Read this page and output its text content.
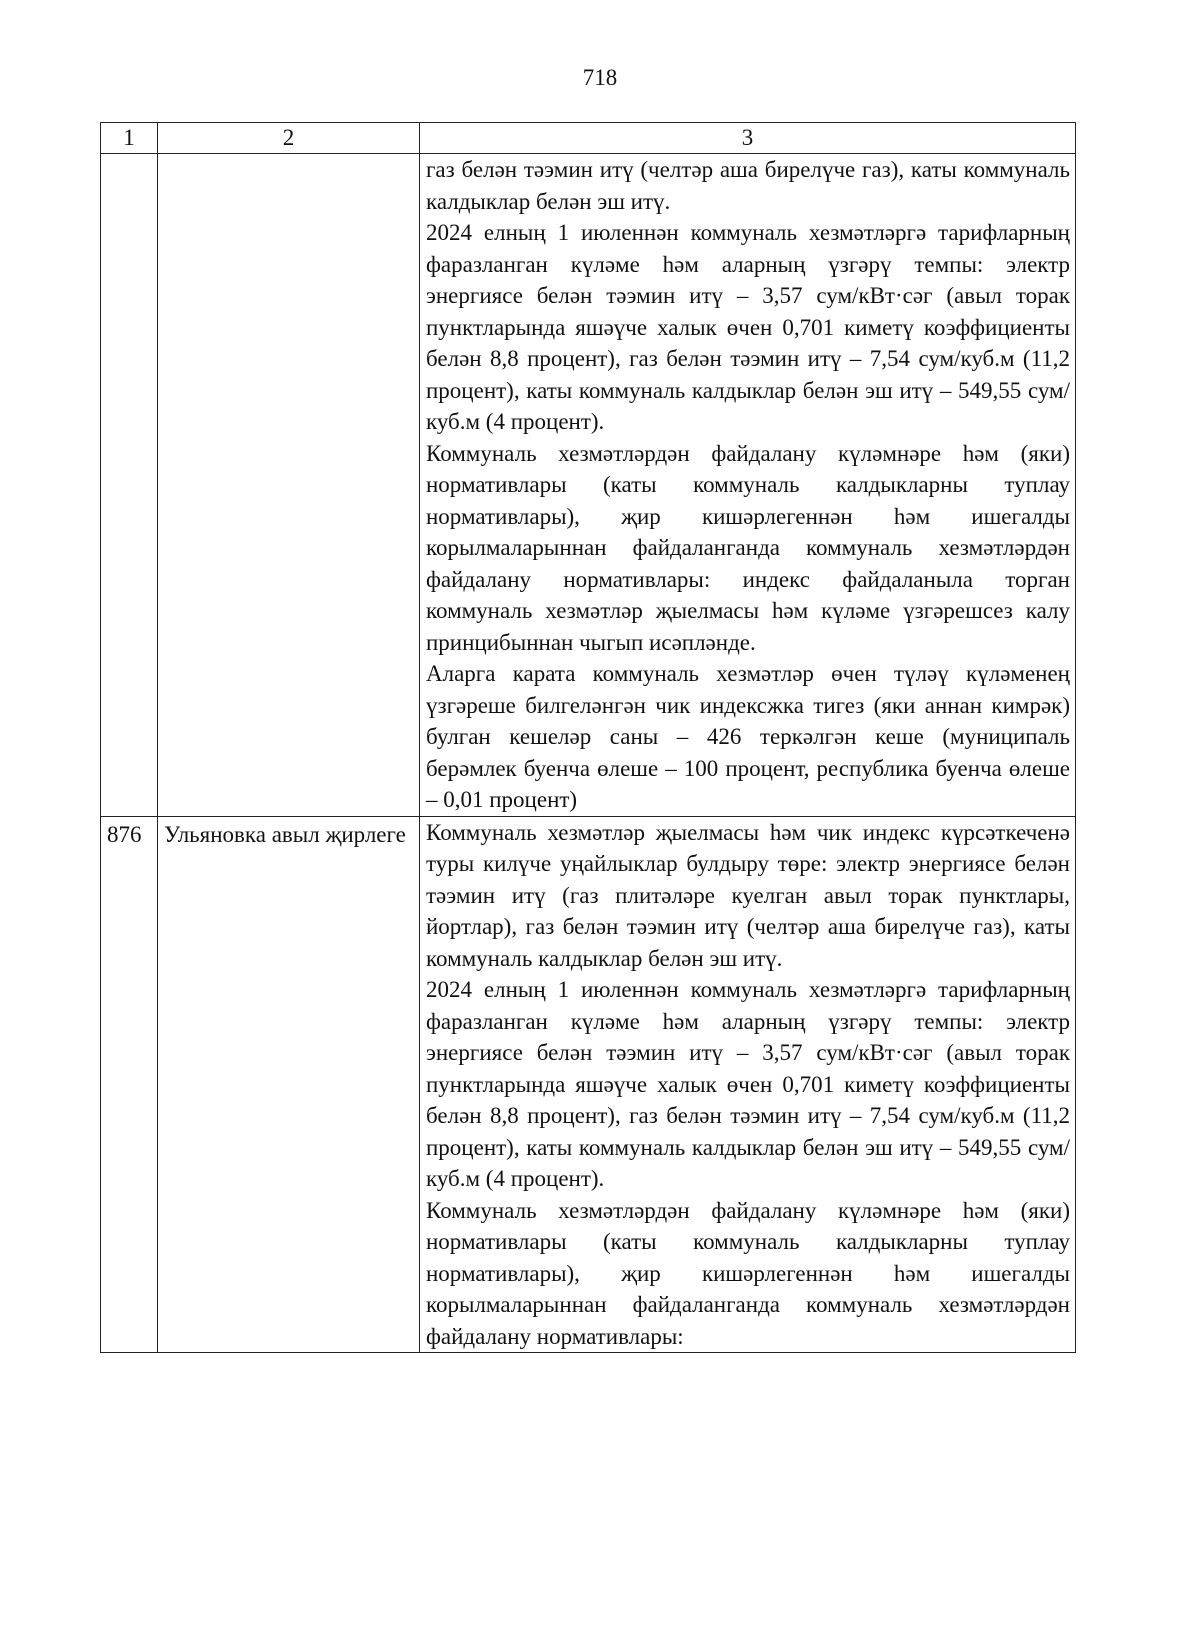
718
1	2	3

		газ белән тәэмин итү (челтәр аша бирелүче газ), каты коммуналь калдыклар белән эш итү.

2024 елның 1 июленнән коммуналь хезмәтләргә тарифларның фаразланган күләме һәм аларның үзгәрү темпы: электр энергиясе белән тәэмин итү – 3,57 сум/кВт·сәг (авыл торак пунктларында яшәүче халык өчен 0,701 киметү коэффициенты белән 8,8 процент), газ белән тәэмин итү – 7,54 сум/куб.м (11,2 процент), каты коммуналь калдыклар белән эш итү – 549,55 сум/куб.м (4 процент).

Коммуналь хезмәтләрдән файдалану күләмнәре һәм (яки) нормативлары (каты коммуналь калдыкларны туплау нормативлары), җир кишәрлегеннән һәм ишегалды корылмаларыннан файдаланганда коммуналь хезмәтләрдән файдалану нормативлары: индекс файдаланыла торган коммуналь хезмәтләр җыелмасы һәм күләме үзгәрешсез калу принцибыннан чыгып исәпләнде.

Аларга карата коммуналь хезмәтләр өчен түләү күләменең үзгәреше билгеләнгән чик индексжка тигез (яки аннан кимрәк) булган кешеләр саны – 426 теркәлгән кеше (муниципаль берәмлек буенча өлеше – 100 процент, республика буенча өлеше – 0,01 процент)

876	Ульяновка авыл җирлеге	Коммуналь хезмәтләр җыелмасы һәм чик индекс күрсәткеченә туры килүче уңайлыклар булдыру төре: электр энергиясе белән тәэмин итү (газ плитәләре куелган авыл торак пунктлары, йортлар), газ белән тәэмин итү (челтәр аша бирелүче газ), каты коммуналь калдыклар белән эш итү.

2024 елның 1 июленнән коммуналь хезмәтләргә тарифларның фаразланган күләме һәм аларның үзгәрү темпы: электр энергиясе белән тәэмин итү – 3,57 сум/кВт·сәг (авыл торак пунктларында яшәүче халык өчен 0,701 киметү коэффициенты белән 8,8 процент), газ белән тәэмин итү – 7,54 сум/куб.м (11,2 процент), каты коммуналь калдыклар белән эш итү – 549,55 сум/куб.м (4 процент).

Коммуналь хезмәтләрдән файдалану күләмнәре һәм (яки) нормативлары (каты коммуналь калдыкларны туплау нормативлары), җир кишәрлегеннән һәм ишегалды корылмаларыннан файдаланганда коммуналь хезмәтләрдән файдалану нормативлары:
